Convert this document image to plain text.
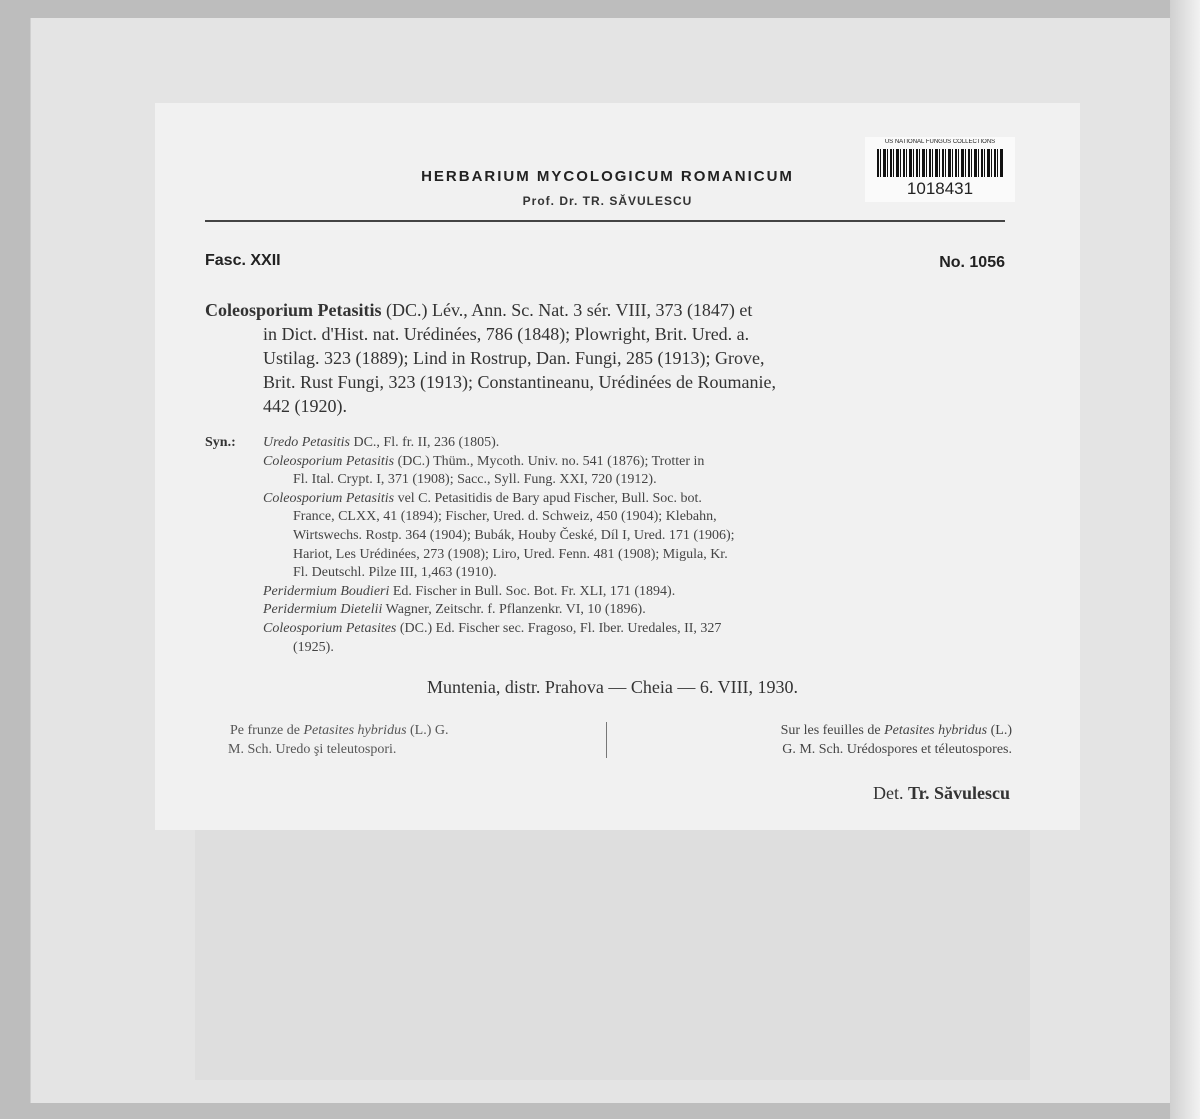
US NATIONAL FUNGUS COLLECTIONS
1018431
HERBARIUM MYCOLOGICUM ROMANICUM
Prof. Dr. TR. SĂVULESCU
Fasc. XXII	No. 1056
Coleosporium Petasitis (DC.) Lév., Ann. Sc. Nat. 3 sér. VIII, 373 (1847) et
in Dict. d'Hist. nat. Urédinées, 786 (1848); Plowright, Brit. Ured. a.
Ustilag. 323 (1889); Lind in Rostrup, Dan. Fungi, 285 (1913); Grove,
Brit. Rust Fungi, 323 (1913); Constantineanu, Urédinées de Roumanie,
442 (1920).
Syn.:	Uredo Petasitis DC., Fl. fr. II, 236 (1805).
Coleosporium Petasitis (DC.) Thüm., Mycoth. Univ. no. 541 (1876); Trotter in
Fl. Ital. Crypt. I, 371 (1908); Sacc., Syll. Fung. XXI, 720 (1912).
Coleosporium Petasitis vel C. Petasitidis de Bary apud Fischer, Bull. Soc. bot.
France, CLXX, 41 (1894); Fischer, Ured. d. Schweiz, 450 (1904); Klebahn,
Wirtswechs. Rostp. 364 (1904); Bubák, Houby České, Díl I, Ured. 171 (1906);
Hariot, Les Urédinées, 273 (1908); Liro, Ured. Fenn. 481 (1908); Migula, Kr.
Fl. Deutschl. Pilze III, 1,463 (1910).
Peridermium Boudieri Ed. Fischer in Bull. Soc. Bot. Fr. XLI, 171 (1894).
Peridermium Dietelii Wagner, Zeitschr. f. Pflanzenkr. VI, 10 (1896).
Coleosporium Petasites (DC.) Ed. Fischer sec. Fragoso, Fl. Iber. Uredales, II, 327
(1925).
Muntenia, distr. Prahova — Cheia — 6. VIII, 1930.
Pe frunze de Petasites hybridus (L.) G.
M. Sch. Uredo şi teleutospori.
Sur les feuilles de Petasites hybridus (L.)
G. M. Sch. Urédospores et téleutospores.
Det. Tr. Săvulescu
